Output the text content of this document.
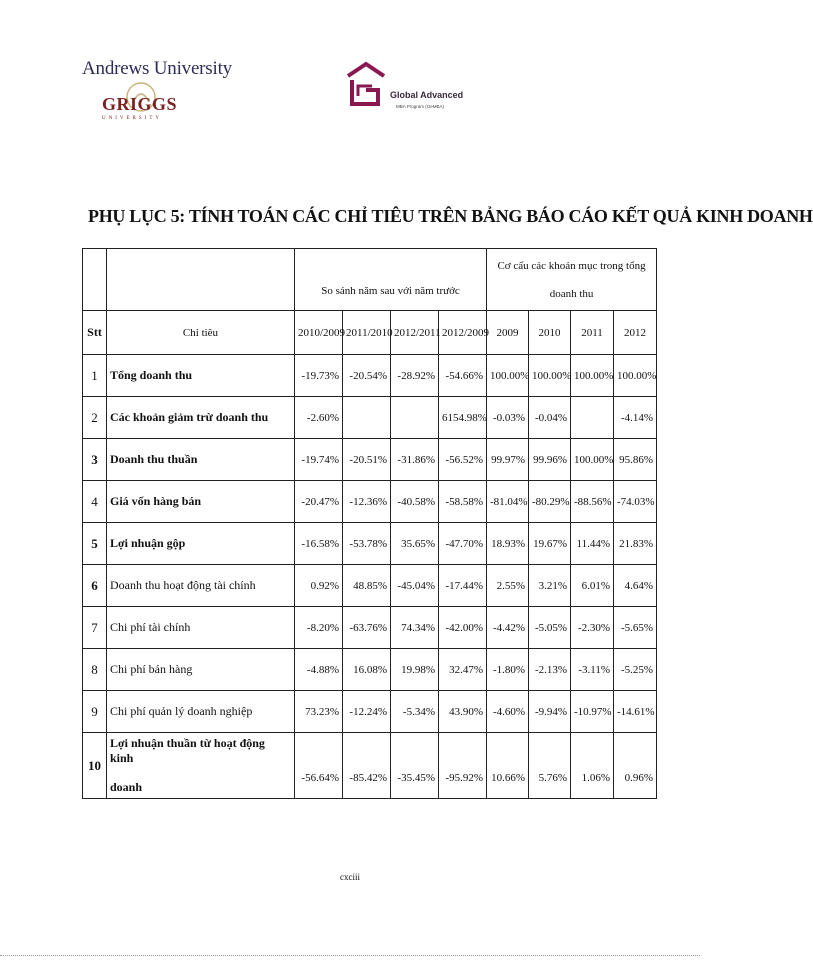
Andrews University
GRIGGS
UNIVERSITY
Global Advanced
MBA Program (GeMBA)
PHỤ LỤC 5: TÍNH TOÁN CÁC CHỈ TIÊU TRÊN BẢNG BÁO CÁO KẾT QUẢ KINH DOANH
		So sánh năm sau với năm trước				Cơ cấu các khoản mục trong tổng
doanh thu			

Stt	Chỉ tiêu	2010/2009	2011/2010	2012/2011	2012/2009	2009	2010	2011	2012
1	Tổng doanh thu	-19.73%	-20.54%	-28.92%	-54.66%	100.00%	100.00%	100.00%	100.00%
2	Các khoản giảm trừ doanh thu	-2.60%			6154.98%	-0.03%	-0.04%		-4.14%
3	Doanh thu thuần	-19.74%	-20.51%	-31.86%	-56.52%	99.97%	99.96%	100.00%	95.86%
4	Giá vốn hàng bán	-20.47%	-12.36%	-40.58%	-58.58%	-81.04%	-80.29%	-88.56%	-74.03%
5	Lợi nhuận gộp	-16.58%	-53.78%	35.65%	-47.70%	18.93%	19.67%	11.44%	21.83%
6	Doanh thu hoạt động tài chính	0.92%	48.85%	-45.04%	-17.44%	2.55%	3.21%	6.01%	4.64%
7	Chi phí tài chính	-8.20%	-63.76%	74.34%	-42.00%	-4.42%	-5.05%	-2.30%	-5.65%
8	Chi phí bán hàng	-4.88%	16.08%	19.98%	32.47%	-1.80%	-2.13%	-3.11%	-5.25%
9	Chi phí quản lý doanh nghiệp	73.23%	-12.24%	-5.34%	43.90%	-4.60%	-9.94%	-10.97%	-14.61%
10	Lợi nhuận thuần từ hoạt động kinh
doanh	-56.64%	-85.42%	-35.45%	-95.92%	10.66%	5.76%	1.06%	0.96%
cxciii
